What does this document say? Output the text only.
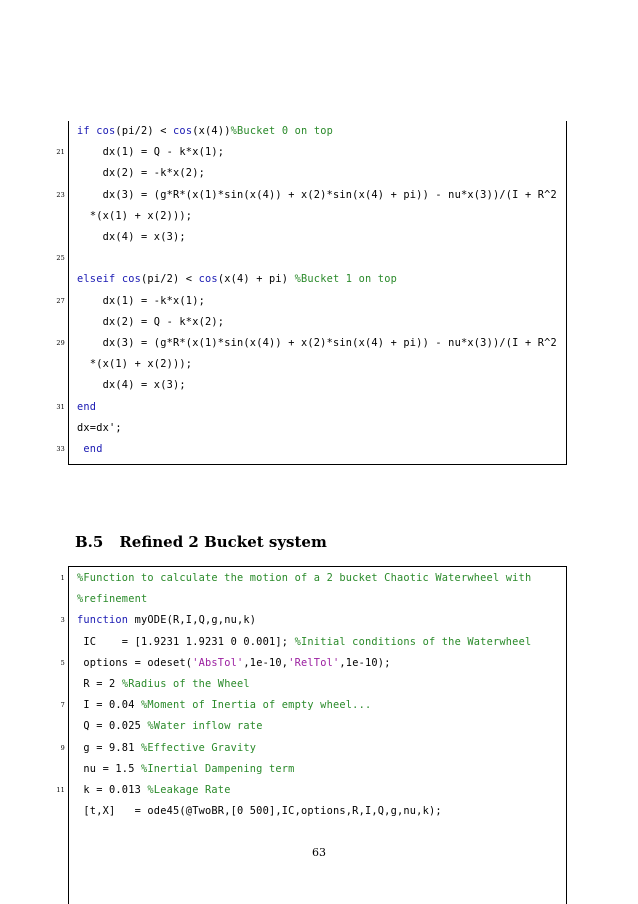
if cos(pi/2) < cos(x(4))%Bucket 0 on top
21	dx(1) = Q - k*x(1);
dx(2) = -k*x(2);
23	dx(3) = (g*R*(x(1)*sin(x(4)) + x(2)*sin(x(4) + pi)) - nu*x(3))/(I + R^2
*(x(1) + x(2)));
dx(4) = x(3);
25
elseif cos(pi/2) < cos(x(4) + pi) %Bucket 1 on top
27	dx(1) = -k*x(1);
dx(2) = Q - k*x(2);
29	dx(3) = (g*R*(x(1)*sin(x(4)) + x(2)*sin(x(4) + pi)) - nu*x(3))/(I + R^2
*(x(1) + x(2)));
dx(4) = x(3);
31 end
dx=dx';
33	end
B.5 Refined 2 Bucket system
1 %Function to calculate the motion of a 2 bucket Chaotic Waterwheel with
%refinement
3 function myODE(R,I,Q,g,nu,k)
IC    = [1.9231 1.9231 0 0.001]; %Initial conditions of the Waterwheel
5	options = odeset('AbsTol',1e-10,'RelTol',1e-10);
R = 2 %Radius of the Wheel
7	I = 0.04 %Moment of Inertia of empty wheel...
Q = 0.025 %Water inflow rate
9	g = 9.81 %Effective Gravity
nu = 1.5 %Inertial Dampening term
11	k = 0.013 %Leakage Rate
[t,X]   = ode45(@TwoBR,[0 500],IC,options,R,I,Q,g,nu,k);
63
